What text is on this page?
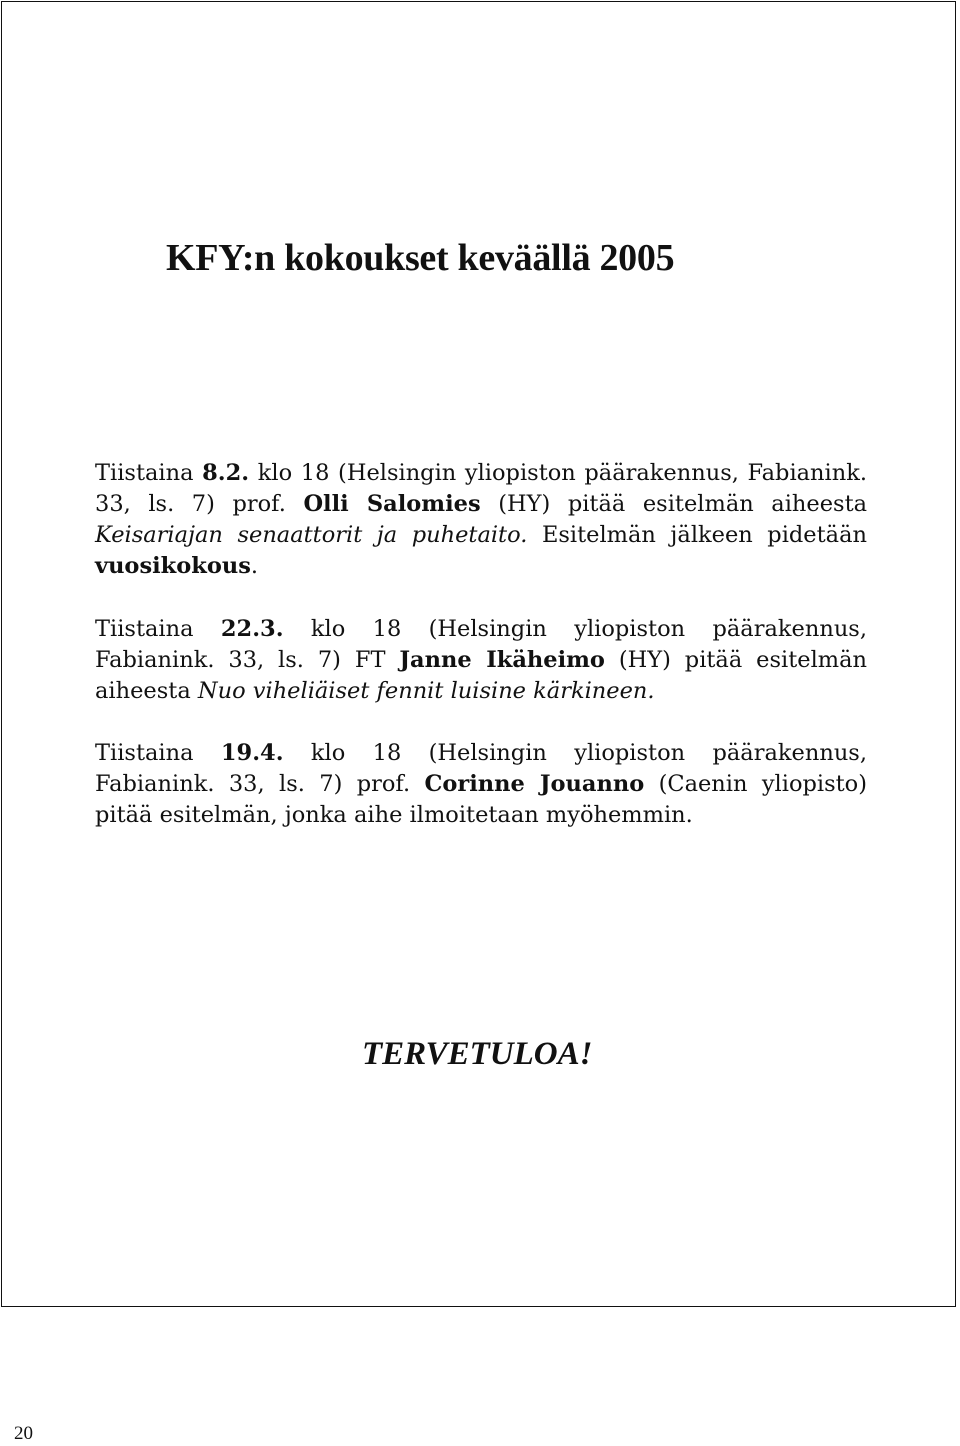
KFY:n kokoukset keväällä 2005

Tiistaina 8.2. klo 18 (Helsingin yliopiston päärakennus, Fabianink. 33, ls. 7) prof. Olli Salomies (HY) pitää esitelmän aiheesta Keisariajan senaattorit ja puhetaito. Esitelmän jälkeen pidetään vuosikokous.

Tiistaina 22.3. klo 18 (Helsingin yliopiston päärakennus, Fabianink. 33, ls. 7) FT Janne Ikäheimo (HY) pitää esitelmän aiheesta Nuo viheliäiset fennit luisine kärkineen.

Tiistaina 19.4. klo 18 (Helsingin yliopiston päärakennus, Fabianink. 33, ls. 7) prof. Corinne Jouanno (Caenin yliopisto) pitää esitelmän, jonka aihe ilmoitetaan myöhemmin.

TERVETULOA!

20
